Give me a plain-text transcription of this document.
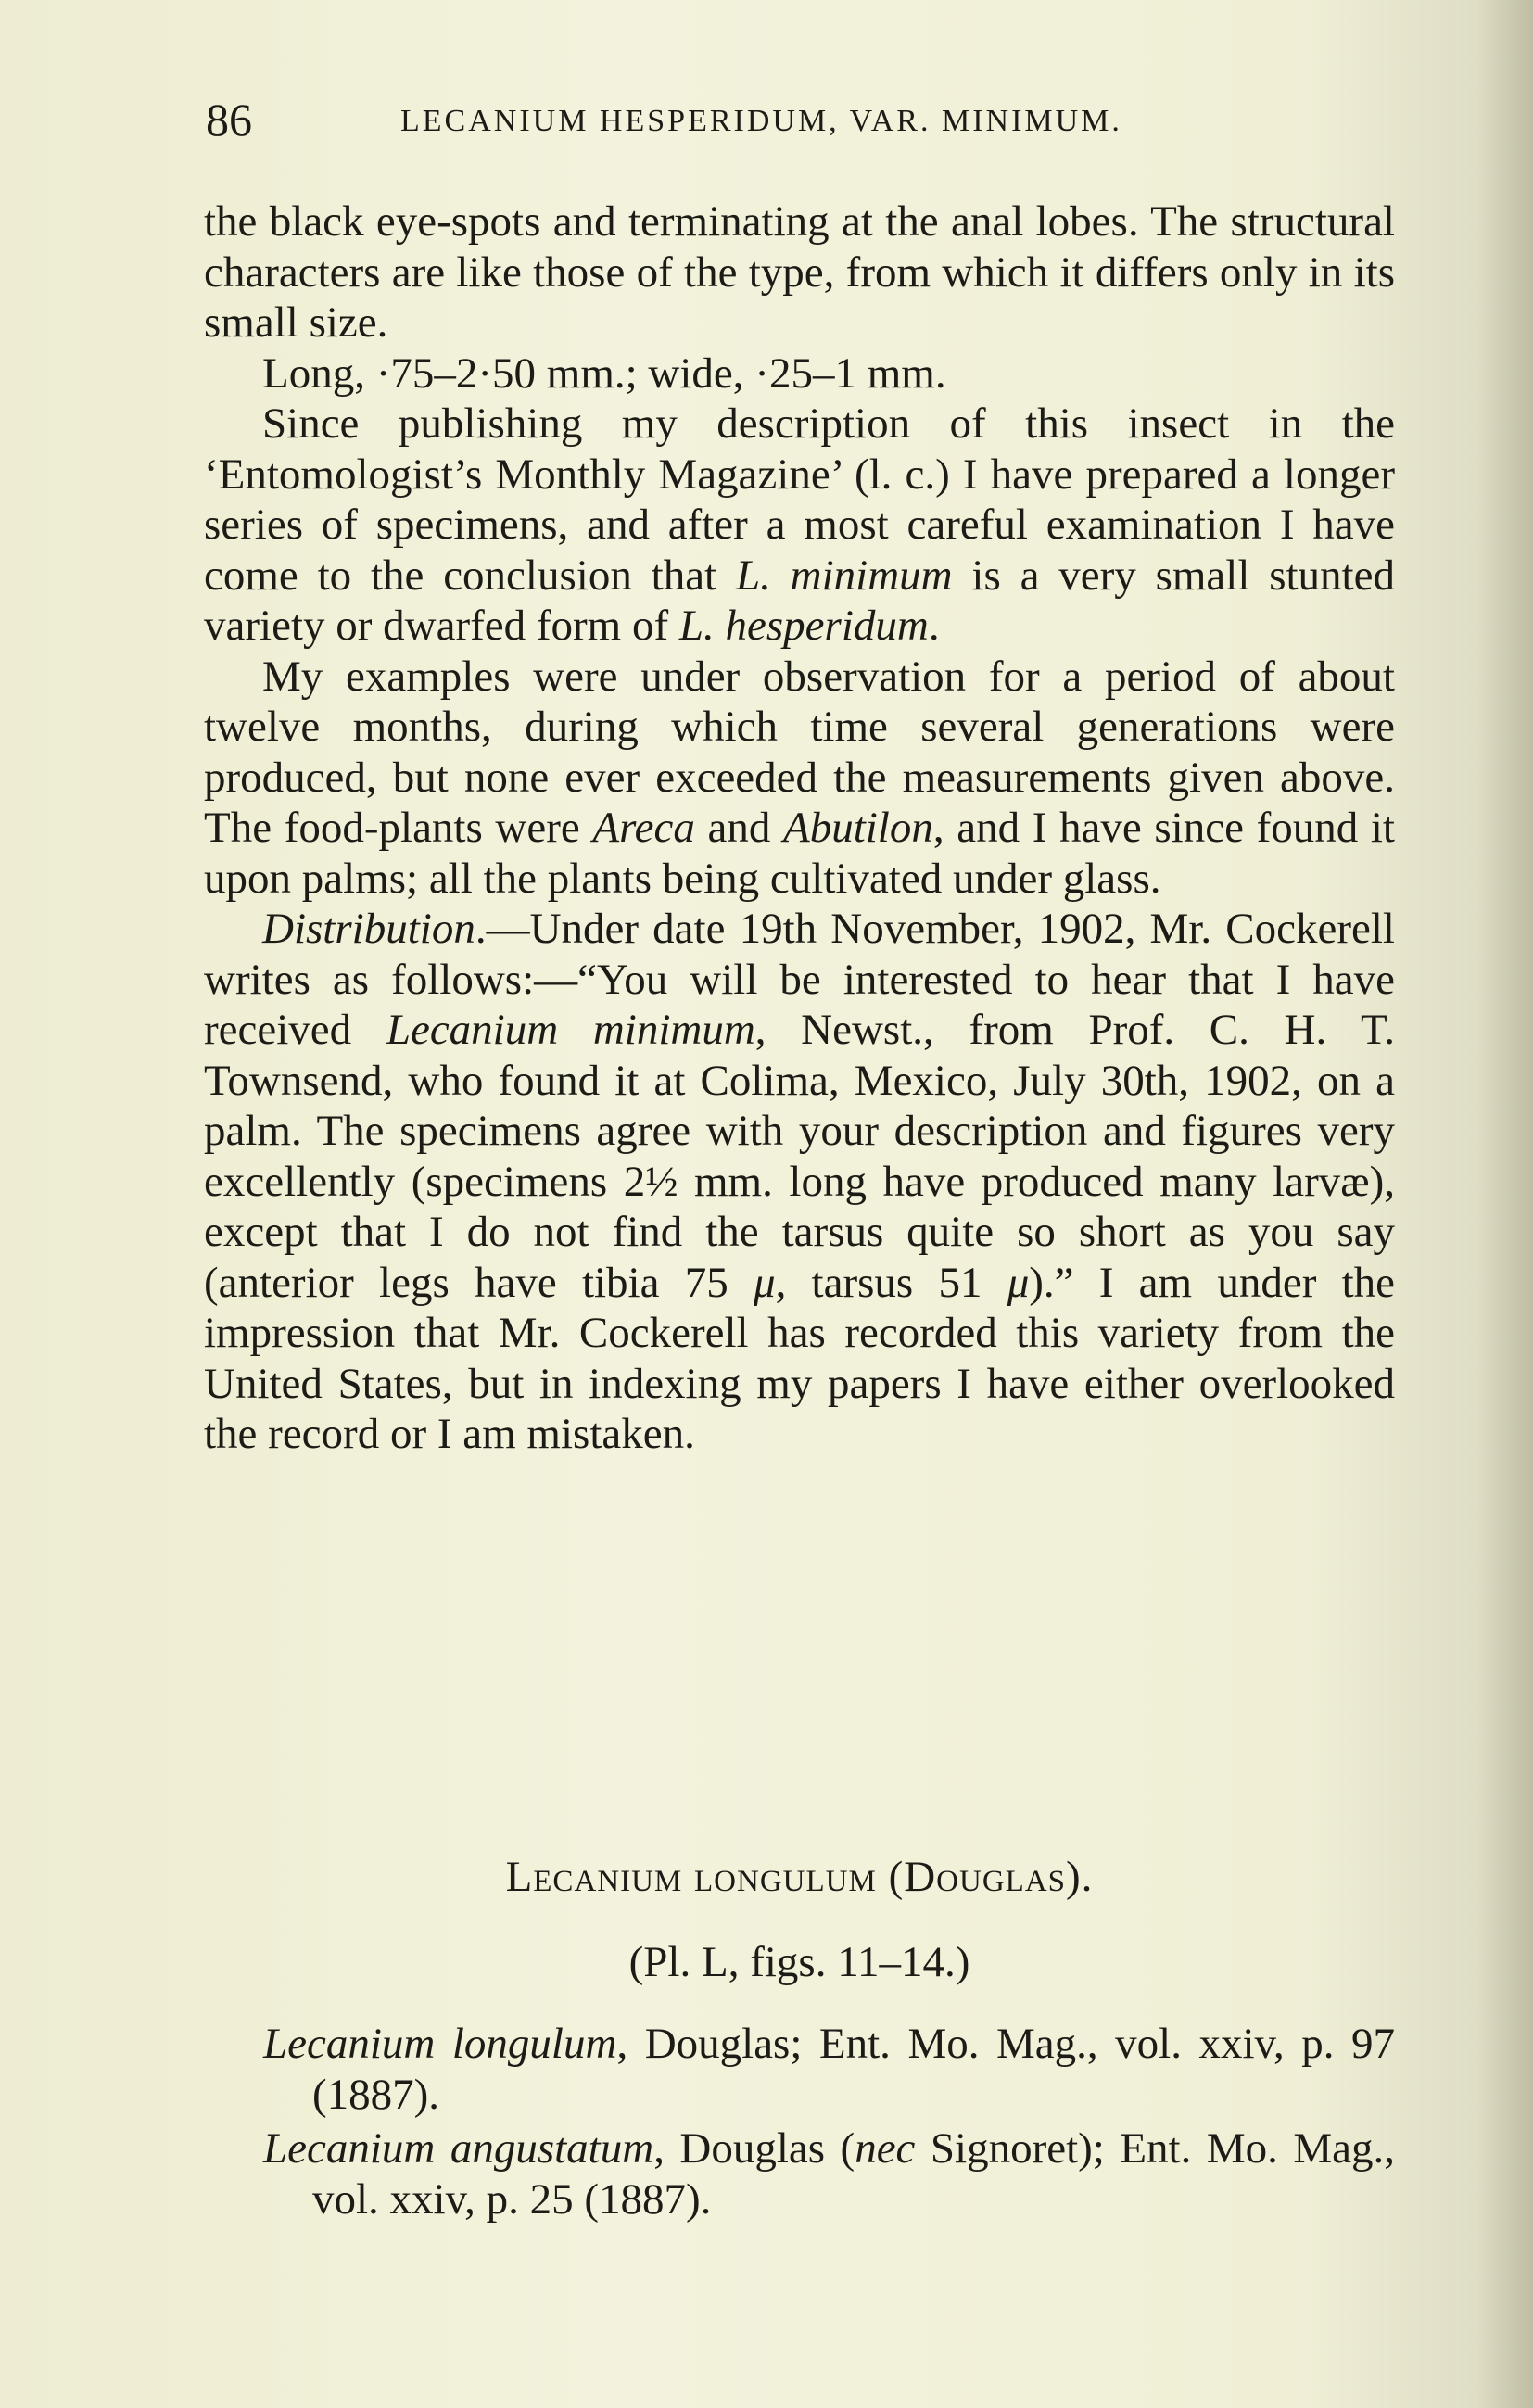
86	LECANIUM HESPERIDUM, VAR. MINIMUM.

the black eye-spots and terminating at the anal lobes. The structural characters are like those of the type, from which it differs only in its small size.

Long, ·75–2·50 mm.; wide, ·25–1 mm.

Since publishing my description of this insect in the ‘Entomologist’s Monthly Magazine’ (l. c.) I have prepared a longer series of specimens, and after a most careful examination I have come to the conclusion that L. minimum is a very small stunted variety or dwarfed form of L. hesperidum.

My examples were under observation for a period of about twelve months, during which time several generations were produced, but none ever exceeded the measurements given above. The food-plants were Areca and Abutilon, and I have since found it upon palms; all the plants being cultivated under glass.

Distribution.—Under date 19th November, 1902, Mr. Cockerell writes as follows:—“You will be interested to hear that I have received Lecanium minimum, Newst., from Prof. C. H. T. Townsend, who found it at Colima, Mexico, July 30th, 1902, on a palm. The specimens agree with your description and figures very excellently (specimens 2½ mm. long have produced many larvæ), except that I do not find the tarsus quite so short as you say (anterior legs have tibia 75 μ, tarsus 51 μ).” I am under the impression that Mr. Cockerell has recorded this variety from the United States, but in indexing my papers I have either overlooked the record or I am mistaken.

Lecanium longulum (Douglas).
(Pl. L, figs. 11–14.)
Lecanium longulum, Douglas; Ent. Mo. Mag., vol. xxiv, p. 97 (1887).
Lecanium angustatum, Douglas (nec Signoret); Ent. Mo. Mag., vol. xxiv, p. 25 (1887).
